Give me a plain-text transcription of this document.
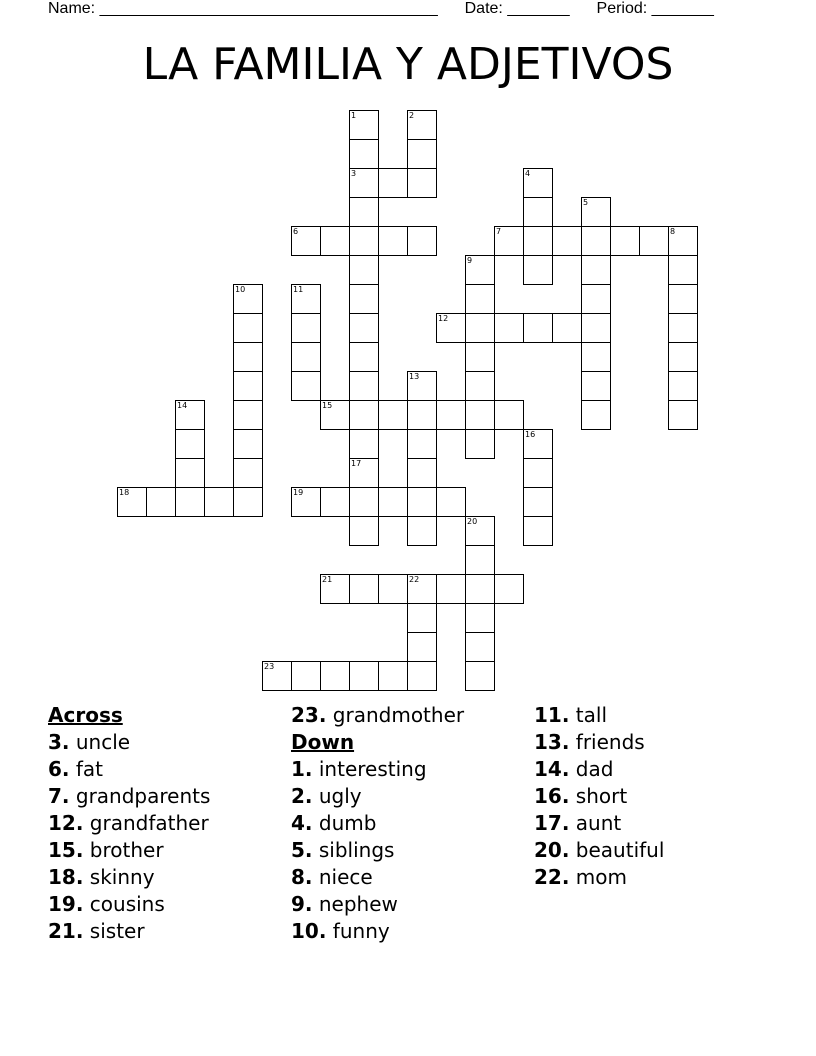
Name: ______________________________________ Date: _______ Period: _______
LA FAMILIA Y ADJETIVOS
3
6	7	8
12
15
18	19
21	22
23
1
17
2
4
5
9
10	11
13
14
16
20
Across
3. uncle
6. fat
7. grandparents
12. grandfather
15. brother
18. skinny
19. cousins
21. sister
23. grandmother
Down
1. interesting
2. ugly
4. dumb
5. siblings
8. niece
9. nephew
10. funny
11. tall
13. friends
14. dad
16. short
17. aunt
20. beautiful
22. mom
